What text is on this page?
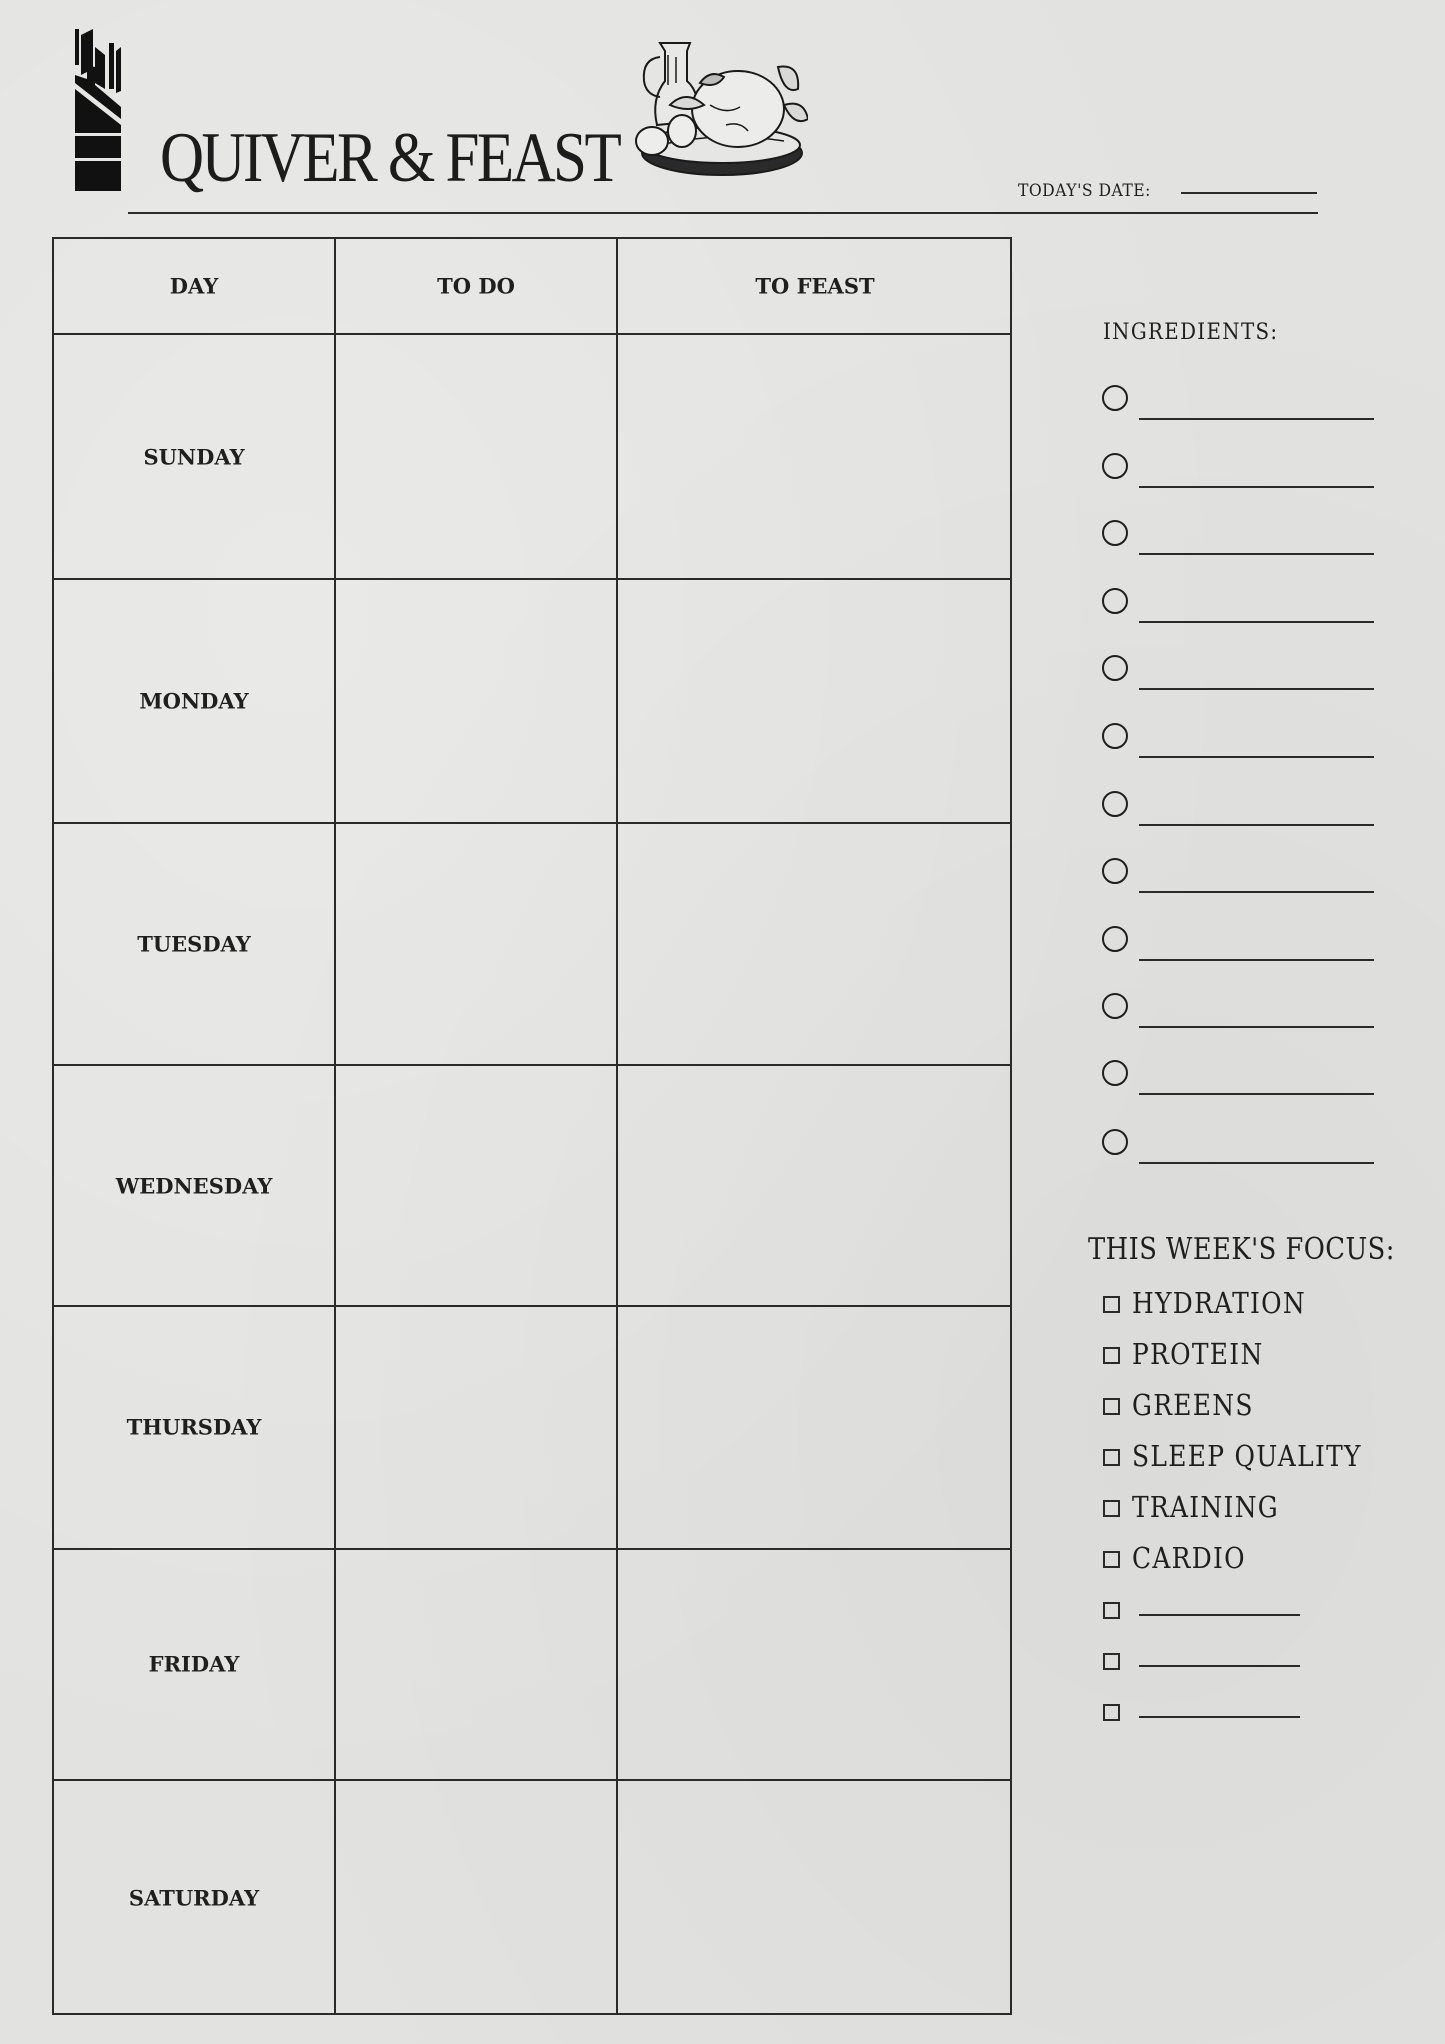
QUIVER & FEAST	TODAY'S DATE:
DAY	TO DO	TO FEAST
SUNDAY
MONDAY
TUESDAY
WEDNESDAY
THURSDAY
FRIDAY
SATURDAY
INGREDIENTS:
THIS WEEK'S FOCUS:
HYDRATION
PROTEIN
GREENS
SLEEP QUALITY
TRAINING
CARDIO
